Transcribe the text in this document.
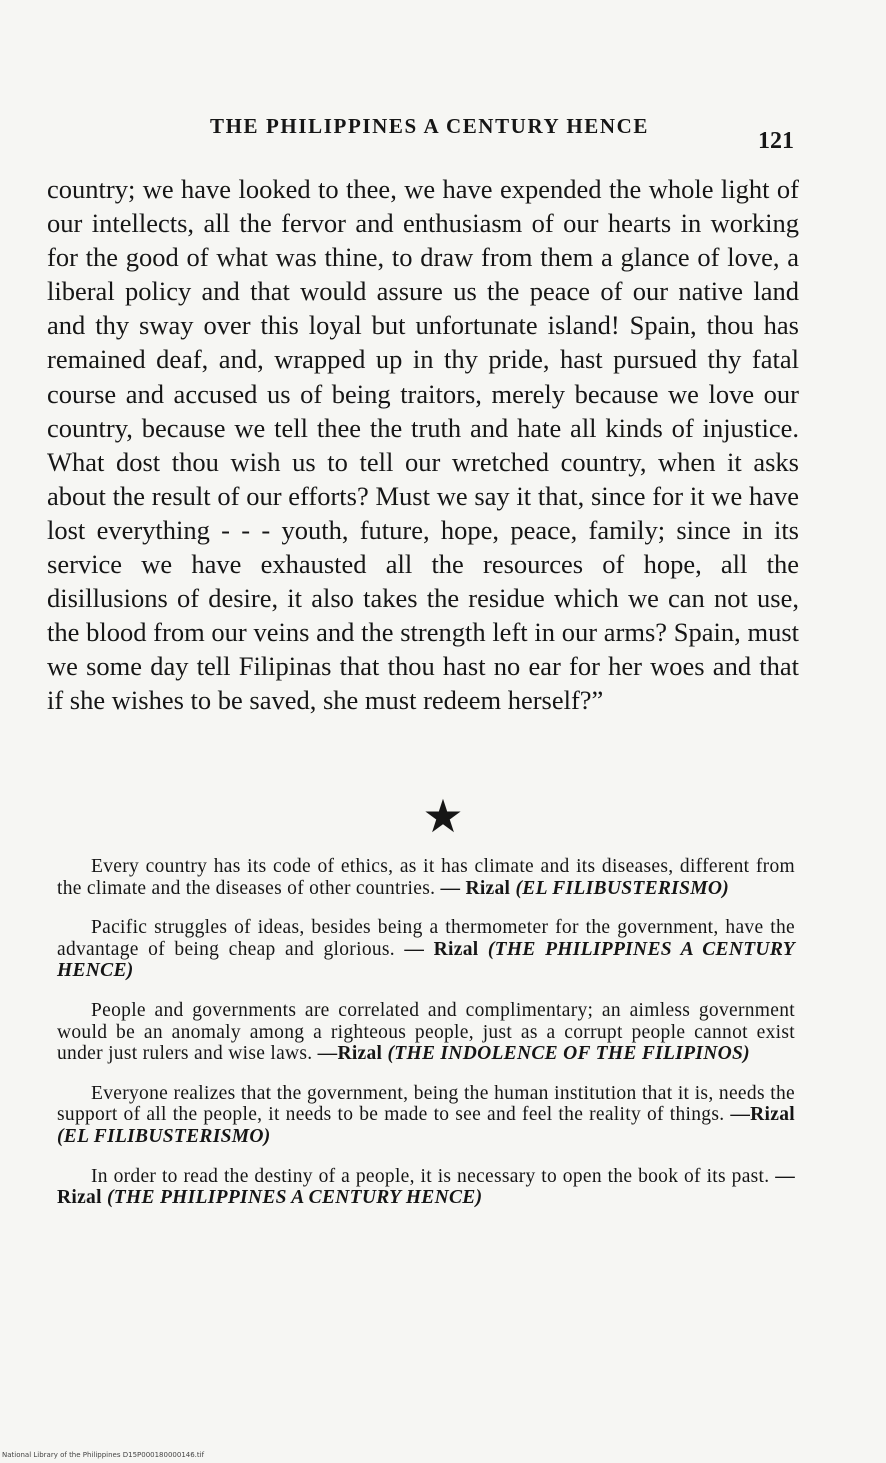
THE PHILIPPINES A CENTURY HENCE
121

country; we have looked to thee, we have expended the whole light of our intellects, all the fervor and enthusiasm of our hearts in working for the good of what was thine, to draw from them a glance of love, a liberal policy and that would assure us the peace of our native land and thy sway over this loyal but unfortunate island! Spain, thou has remained deaf, and, wrapped up in thy pride, hast pursued thy fatal course and accused us of being traitors, merely because we love our country, because we tell thee the truth and hate all kinds of injustice. What dost thou wish us to tell our wretched country, when it asks about the result of our efforts? Must we say it that, since for it we have lost everything - - - youth, future, hope, peace, family; since in its service we have exhausted all the resources of hope, all the disillusions of desire, it also takes the residue which we can not use, the blood from our veins and the strength left in our arms? Spain, must we some day tell Filipinas that thou hast no ear for her woes and that if she wishes to be saved, she must redeem herself?”

★

Every country has its code of ethics, as it has climate and its diseases, different from the climate and the diseases of other countries. — Rizal (EL FILIBUSTERISMO)

Pacific struggles of ideas, besides being a thermometer for the government, have the advantage of being cheap and glorious. — Rizal (THE PHILIPPINES A CENTURY HENCE)

People and governments are correlated and complimentary; an aimless government would be an anomaly among a righteous people, just as a corrupt people cannot exist under just rulers and wise laws. —Rizal (THE INDOLENCE OF THE FILIPINOS)

Everyone realizes that the government, being the human institution that it is, needs the support of all the people, it needs to be made to see and feel the reality of things. —Rizal (EL FILIBUSTERISMO)

In order to read the destiny of a people, it is necessary to open the book of its past. — Rizal (THE PHILIPPINES A CENTURY HENCE)

National Library of the Philippines D15P000180000146.tif
